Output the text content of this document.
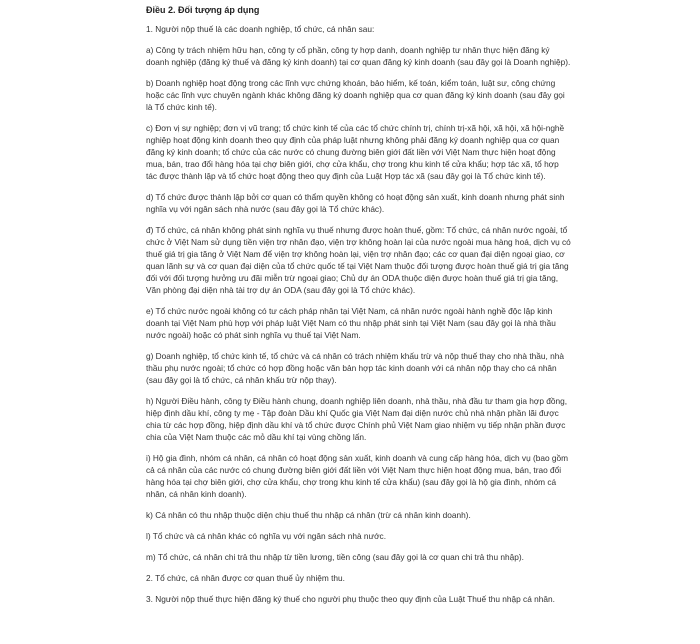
Điều 2. Đối tượng áp dụng

1. Người nộp thuế là các doanh nghiệp, tổ chức, cá nhân sau:

a) Công ty trách nhiệm hữu hạn, công ty cổ phần, công ty hợp danh, doanh nghiệp tư nhân thực hiện đăng ký doanh nghiệp (đăng ký thuế và đăng ký kinh doanh) tại cơ quan đăng ký kinh doanh (sau đây gọi là Doanh nghiệp).

b) Doanh nghiệp hoạt động trong các lĩnh vực chứng khoán, bảo hiểm, kế toán, kiểm toán, luật sư, công chứng hoặc các lĩnh vực chuyên ngành khác không đăng ký doanh nghiệp qua cơ quan đăng ký kinh doanh (sau đây gọi là Tổ chức kinh tế).

c) Đơn vị sự nghiệp; đơn vị vũ trang; tổ chức kinh tế của các tổ chức chính trị, chính trị-xã hội, xã hội, xã hội-nghề nghiệp hoạt động kinh doanh theo quy định của pháp luật nhưng không phải đăng ký doanh nghiệp qua cơ quan đăng ký kinh doanh; tổ chức của các nước có chung đường biên giới đất liền với Việt Nam thực hiện hoạt động mua, bán, trao đổi hàng hóa tại chợ biên giới, chợ cửa khẩu, chợ trong khu kinh tế cửa khẩu; hợp tác xã, tổ hợp tác được thành lập và tổ chức hoạt động theo quy định của Luật Hợp tác xã (sau đây gọi là Tổ chức kinh tế).

d) Tổ chức được thành lập bởi cơ quan có thẩm quyền không có hoạt động sản xuất, kinh doanh nhưng phát sinh nghĩa vụ với ngân sách nhà nước (sau đây gọi là Tổ chức khác).

đ) Tổ chức, cá nhân không phát sinh nghĩa vụ thuế nhưng được hoàn thuế, gồm: Tổ chức, cá nhân nước ngoài, tổ chức ở Việt Nam sử dụng tiền viện trợ nhân đạo, viện trợ không hoàn lại của nước ngoài mua hàng hoá, dịch vụ có thuế giá trị gia tăng ở Việt Nam để viện trợ không hoàn lại, viện trợ nhân đạo; các cơ quan đại diện ngoại giao, cơ quan lãnh sự và cơ quan đại diện của tổ chức quốc tế tại Việt Nam thuộc đối tượng được hoàn thuế giá trị gia tăng đối với đối tượng hưởng ưu đãi miễn trừ ngoại giao; Chủ dự án ODA thuộc diện được hoàn thuế giá trị gia tăng, Văn phòng đại diện nhà tài trợ dự án ODA (sau đây gọi là Tổ chức khác).

e) Tổ chức nước ngoài không có tư cách pháp nhân tại Việt Nam, cá nhân nước ngoài hành nghề độc lập kinh doanh tại Việt Nam phù hợp với pháp luật Việt Nam có thu nhập phát sinh tại Việt Nam (sau đây gọi là nhà thầu nước ngoài) hoặc có phát sinh nghĩa vụ thuế tại Việt Nam.

g) Doanh nghiệp, tổ chức kinh tế, tổ chức và cá nhân có trách nhiệm khấu trừ và nộp thuế thay cho nhà thầu, nhà thầu phụ nước ngoài; tổ chức có hợp đồng hoặc văn bản hợp tác kinh doanh với cá nhân nộp thay cho cá nhân (sau đây gọi là tổ chức, cá nhân khấu trừ nộp thay).

h) Người Điều hành, công ty Điều hành chung, doanh nghiệp liên doanh, nhà thầu, nhà đầu tư tham gia hợp đồng, hiệp định dầu khí, công ty mẹ - Tập đoàn Dầu khí Quốc gia Việt Nam đại diện nước chủ nhà nhận phần lãi được chia từ các hợp đồng, hiệp định dầu khí và tổ chức được Chính phủ Việt Nam giao nhiệm vụ tiếp nhận phần được chia của Việt Nam thuộc các mỏ dầu khí tại vùng chồng lấn.

i) Hộ gia đình, nhóm cá nhân, cá nhân có hoạt động sản xuất, kinh doanh và cung cấp hàng hóa, dịch vụ (bao gồm cả cá nhân của các nước có chung đường biên giới đất liền với Việt Nam thực hiện hoạt động mua, bán, trao đổi hàng hóa tại chợ biên giới, chợ cửa khẩu, chợ trong khu kinh tế cửa khẩu) (sau đây gọi là hộ gia đình, nhóm cá nhân, cá nhân kinh doanh).

k) Cá nhân có thu nhập thuộc diện chịu thuế thu nhập cá nhân (trừ cá nhân kinh doanh).

l) Tổ chức và cá nhân khác có nghĩa vụ với ngân sách nhà nước.

m) Tổ chức, cá nhân chi trả thu nhập từ tiền lương, tiền công (sau đây gọi là cơ quan chi trả thu nhập).

2. Tổ chức, cá nhân được cơ quan thuế ủy nhiệm thu.

3. Người nộp thuế thực hiện đăng ký thuế cho người phụ thuộc theo quy định của Luật Thuế thu nhập cá nhân.
